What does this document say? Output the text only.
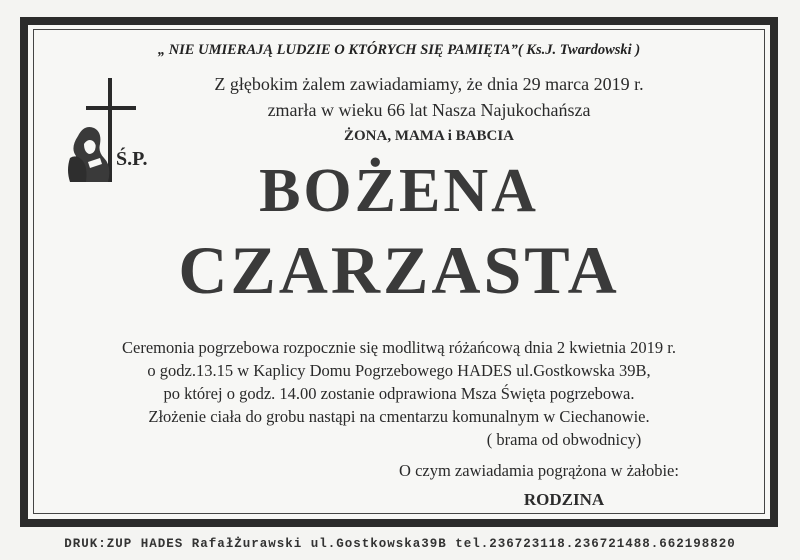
„ NIE UMIERAJĄ LUDZIE O KTÓRYCH SIĘ PAMIĘTA”( Ks.J. Twardowski )
Ś.P.
Z głębokim żalem zawiadamiamy, że dnia 29 marca 2019 r.
zmarła w wieku 66 lat Nasza Najukochańsza
ŻONA, MAMA i BABCIA
BOŻENA
CZARZASTA
Ceremonia pogrzebowa rozpocznie się modlitwą różańcową dnia 2 kwietnia 2019 r.
o godz.13.15 w Kaplicy Domu Pogrzebowego HADES ul.Gostkowska 39B,
po której o godz. 14.00 zostanie odprawiona Msza Święta pogrzebowa.
Złożenie ciała do grobu nastąpi na cmentarzu komunalnym w Ciechanowie.
( brama od obwodnicy)
O czym zawiadamia pogrążona w żałobie:
RODZINA
DRUK:ZUP HADES RafałŻurawski ul.Gostkowska39B tel.236723118.236721488.662198820
